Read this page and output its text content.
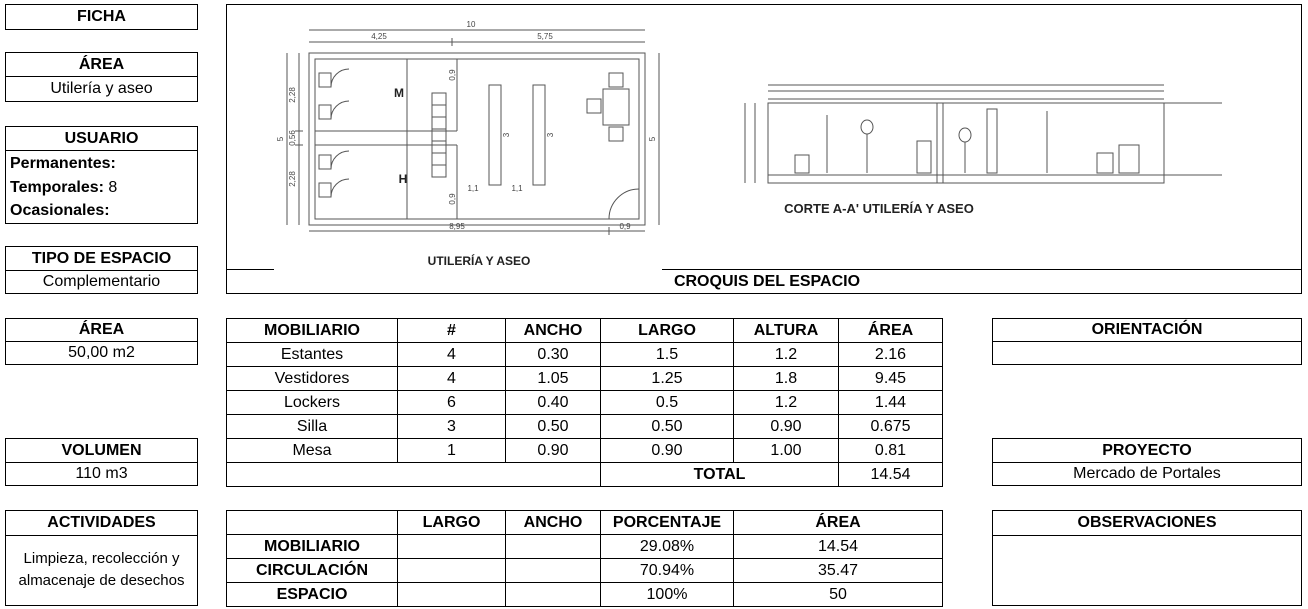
FICHA
ÁREA
Utilería y aseo
USUARIO
Permanentes:
Temporales:
8
Ocasionales:
TIPO DE ESPACIO
Complementario
ÁREA
50,00 m2
VOLUMEN
110 m3
ACTIVIDADES
Limpieza, recolección y
almacenaje de desechos
10
4,25	5,75
5
2,28
0,56
2,28
5
8,95	0,9
0,9
0,9
1,1	1,1
3	3
M
H
UTILERÍA Y ASEO
CORTE A-A' UTILERÍA Y ASEO
CROQUIS DEL ESPACIO
MOBILIARIO	#	ANCHO	LARGO	ALTURA	ÁREA
Estantes	4	0.30	1.5	1.2	2.16
Vestidores	4	1.05	1.25	1.8	9.45
Lockers	6	0.40	0.5	1.2	1.44
Silla	3	0.50	0.50	0.90	0.675
Mesa	1	0.90	0.90	1.00	0.81
			TOTAL		14.54
	LARGO	ANCHO	PORCENTAJE	ÁREA
MOBILIARIO			29.08%	14.54
CIRCULACIÓN			70.94%	35.47
ESPACIO			100%	50
ORIENTACIÓN
PROYECTO
Mercado de Portales
OBSERVACIONES
